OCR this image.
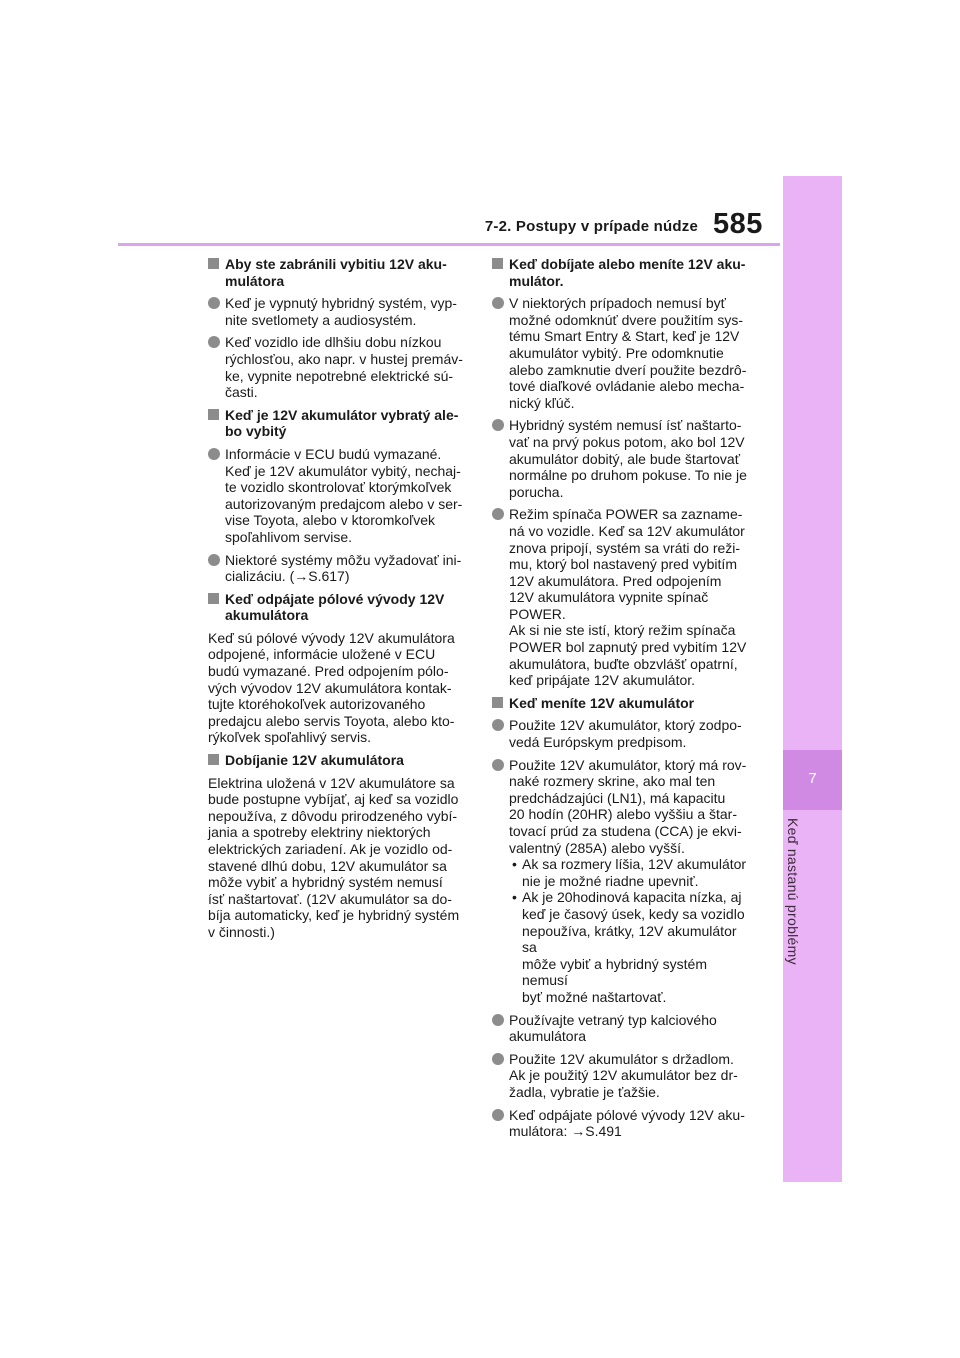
7-2. Postupy v prípade núdze 585
7
Keď nastanú problémy
Aby ste zabránili vybitiu 12V aku-
mulátora
Keď je vypnutý hybridný systém, vyp-
nite svetlomety a audiosystém.
Keď vozidlo ide dlhšiu dobu nízkou
rýchlosťou, ako napr. v hustej premáv-
ke, vypnite nepotrebné elektrické sú-
časti.
Keď je 12V akumulátor vybratý ale-
bo vybitý
Informácie v ECU budú vymazané.
Keď je 12V akumulátor vybitý, nechaj-
te vozidlo skontrolovať ktorýmkoľvek
autorizovaným predajcom alebo v ser-
vise Toyota, alebo v ktoromkoľvek
spoľahlivom servise.
Niektoré systémy môžu vyžadovať ini-
cializáciu. (→S.617)
Keď odpájate pólové vývody 12V
akumulátora
Keď sú pólové vývody 12V akumulátora
odpojené, informácie uložené v ECU
budú vymazané. Pred odpojením pólo-
vých vývodov 12V akumulátora kontak-
tujte ktoréhokoľvek autorizovaného
predajcu alebo servis Toyota, alebo kto-
rýkoľvek spoľahlivý servis.
Dobíjanie 12V akumulátora
Elektrina uložená v 12V akumulátore sa
bude postupne vybíjať, aj keď sa vozidlo
nepoužíva, z dôvodu prirodzeného vybí-
jania a spotreby elektriny niektorých
elektrických zariadení. Ak je vozidlo od-
stavené dlhú dobu, 12V akumulátor sa
môže vybiť a hybridný systém nemusí
ísť naštartovať. (12V akumulátor sa do-
bíja automaticky, keď je hybridný systém
v činnosti.)
Keď dobíjate alebo meníte 12V aku-
mulátor.
V niektorých prípadoch nemusí byť
možné odomknúť dvere použitím sys-
tému Smart Entry & Start, keď je 12V
akumulátor vybitý. Pre odomknutie
alebo zamknutie dverí použite bezdrô-
tové diaľkové ovládanie alebo mecha-
nický kľúč.
Hybridný systém nemusí ísť naštarto-
vať na prvý pokus potom, ako bol 12V
akumulátor dobitý, ale bude štartovať
normálne po druhom pokuse. To nie je
porucha.
Režim spínača POWER sa zazname-
ná vo vozidle. Keď sa 12V akumulátor
znova pripojí, systém sa vráti do reži-
mu, ktorý bol nastavený pred vybitím
12V akumulátora. Pred odpojením
12V akumulátora vypnite spínač
POWER.
Ak si nie ste istí, ktorý režim spínača
POWER bol zapnutý pred vybitím 12V
akumulátora, buďte obzvlášť opatrní,
keď pripájate 12V akumulátor.
Keď meníte 12V akumulátor
Použite 12V akumulátor, ktorý zodpo-
vedá Európskym predpisom.
Použite 12V akumulátor, ktorý má rov-
naké rozmery skrine, ako mal ten
predchádzajúci (LN1), má kapacitu
20 hodín (20HR) alebo vyššiu a štar-
tovací prúd za studena (CCA) je ekvi-
valentný (285A) alebo vyšší.
• Ak sa rozmery líšia, 12V akumulátor
nie je možné riadne upevniť.
• Ak je 20hodinová kapacita nízka, aj
keď je časový úsek, kedy sa vozidlo
nepoužíva, krátky, 12V akumulátor sa
môže vybiť a hybridný systém nemusí
byť možné naštartovať.
Používajte vetraný typ kalciového
akumulátora
Použite 12V akumulátor s držadlom.
Ak je použitý 12V akumulátor bez dr-
žadla, vybratie je ťažšie.
Keď odpájate pólové vývody 12V aku-
mulátora: →S.491
